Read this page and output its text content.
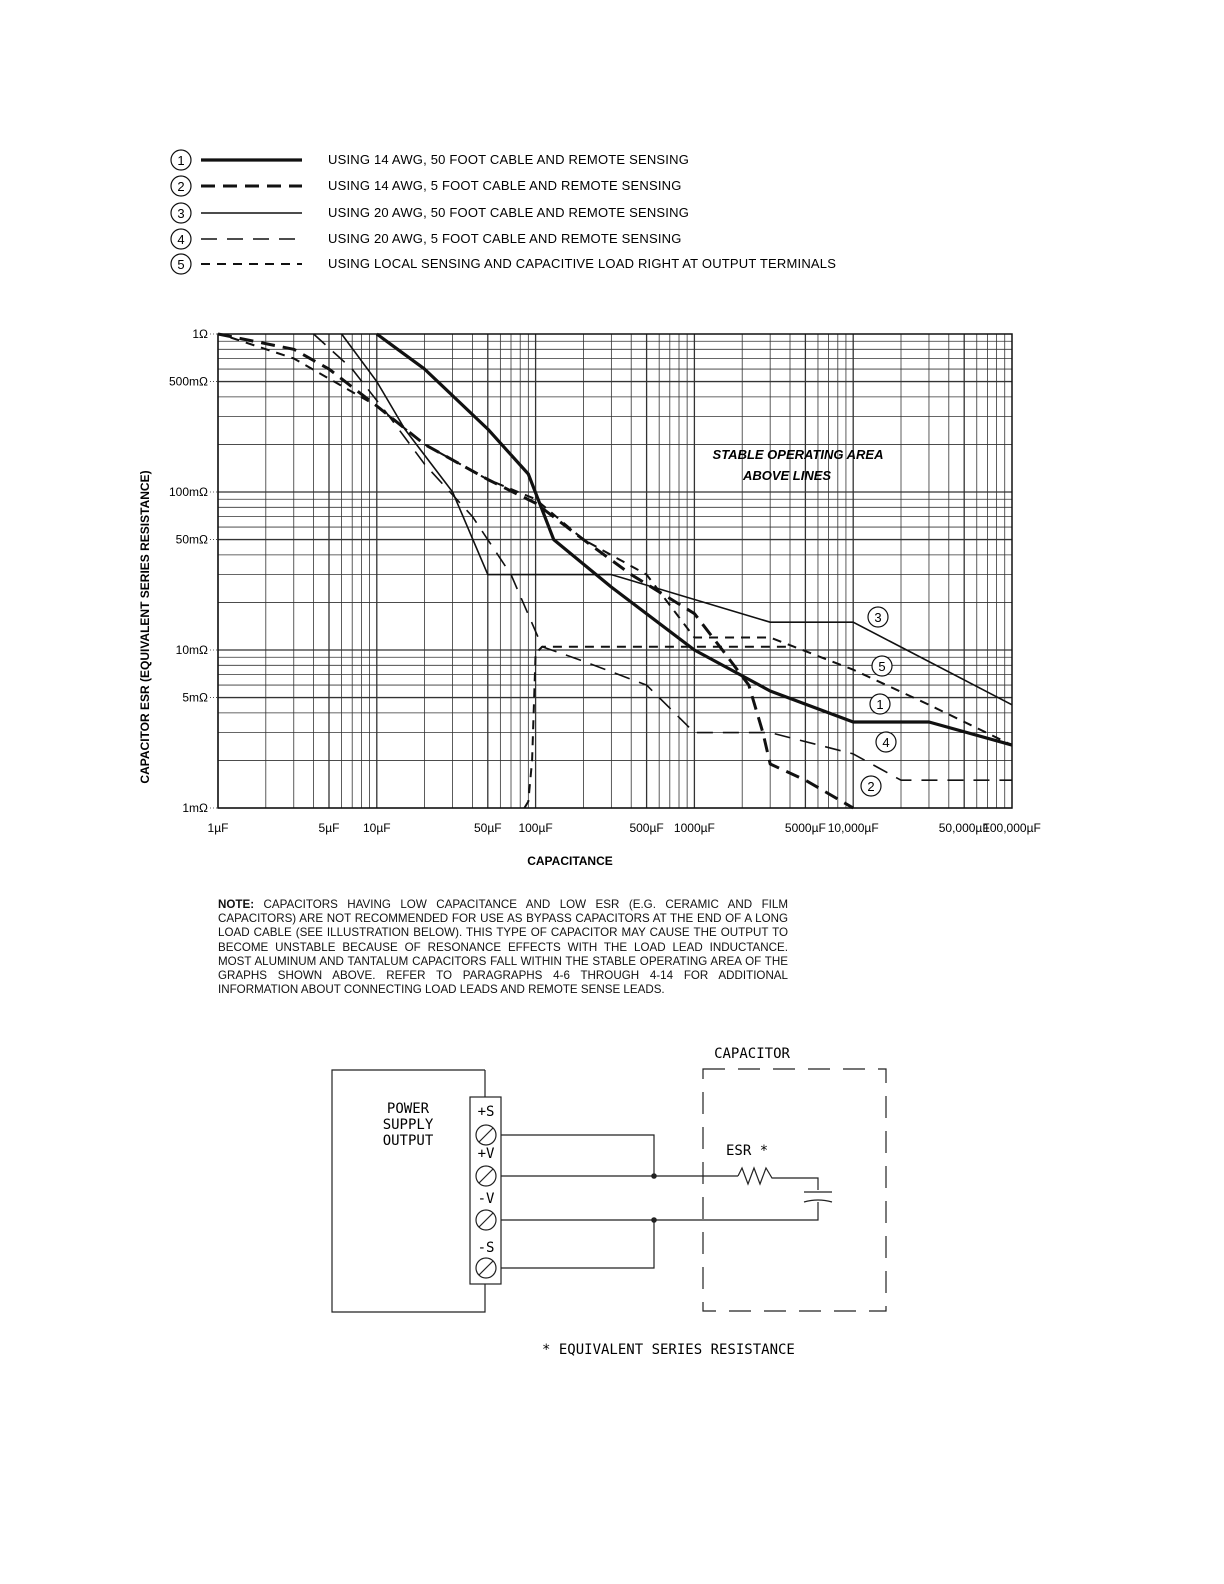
1	USING 14 AWG, 50 FOOT CABLE AND REMOTE SENSING
2	USING 14 AWG, 5 FOOT CABLE AND REMOTE SENSING
3	USING 20 AWG, 50 FOOT CABLE AND REMOTE SENSING
4	USING 20 AWG, 5 FOOT CABLE AND REMOTE SENSING
5	USING LOCAL SENSING AND CAPACITIVE LOAD RIGHT AT OUTPUT TERMINALS
3
5
1
4
2
1µF	5µF 10µF	50µF 100µF	500µF 1000µF	5000µF 10,000µF	50,000µF
100,000µF
1Ω
500mΩ
100mΩ
50mΩ
10mΩ
5mΩ
1mΩ
STABLE OPERATING AREA
ABOVE LINES
CAPACITANCE
CAPACITOR ESR (EQUIVALENT SERIES RESISTANCE)
POWER
SUPPLY
OUTPUT
+S
+V
-V
-S
CAPACITOR
ESR *
* EQUIVALENT SERIES RESISTANCE
NOTE: CAPACITORS HAVING LOW CAPACITANCE AND LOW ESR (E.G. CERAMIC AND FILM CAPACITORS) ARE NOT RECOMMENDED FOR USE AS BYPASS CAPACITORS AT THE END OF A LONG LOAD CABLE (SEE ILLUSTRATION BELOW). THIS TYPE OF CAPACITOR MAY CAUSE THE OUTPUT TO BECOME UNSTABLE BECAUSE OF RESONANCE EFFECTS WITH THE LOAD LEAD INDUCTANCE. MOST ALUMINUM AND TANTALUM CAPACITORS FALL WITHIN THE STABLE OPERATING AREA OF THE GRAPHS SHOWN ABOVE. REFER TO PARAGRAPHS 4-6 THROUGH 4-14 FOR ADDITIONAL INFORMATION ABOUT CONNECTING LOAD LEADS AND REMOTE SENSE LEADS.
